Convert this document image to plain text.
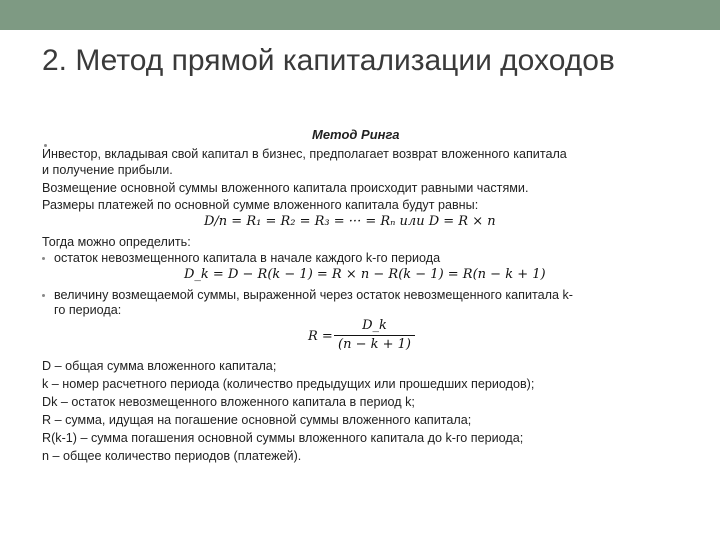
2. Метод прямой капитализации доходов
Метод Ринга
Инвестор, вкладывая свой капитал в бизнес, предполагает возврат вложенного капитала
и получение прибыли.
Возмещение основной суммы вложенного капитала происходит равными частями.
Размеры платежей по основной сумме вложенного капитала будут равны:
D/n = R₁ = R₂ = R₃ = ··· = Rₙ или D = R × n
Тогда можно определить:
остаток невозмещенного капитала в начале каждого k-го периода
D_k = D − R(k − 1) = R × n − R(k − 1) = R(n − k + 1)
величину возмещаемой суммы, выраженной через остаток невозмещенного капитала k-
го периода:
R =
D_k
(n − k + 1)
D – общая сумма вложенного капитала;
k – номер расчетного периода (количество предыдущих или прошедших периодов);
Dk – остаток невозмещенного вложенного капитала в период k;
R – сумма, идущая на погашение основной суммы вложенного капитала;
R(k-1) – сумма погашения основной суммы вложенного капитала до k-го периода;
n – общее количество периодов (платежей).
